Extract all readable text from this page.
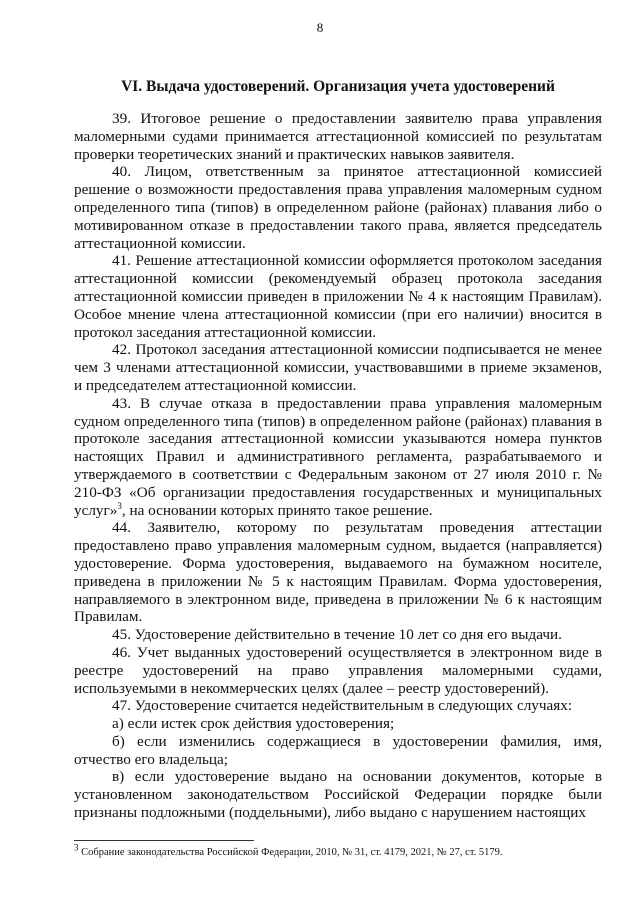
8
VI. Выдача удостоверений. Организация учета удостоверений

39. Итоговое решение о предоставлении заявителю права управления маломерными судами принимается аттестационной комиссией по результатам проверки теоретических знаний и практических навыков заявителя.

40. Лицом, ответственным за принятое аттестационной комиссией решение о возможности предоставления права управления маломерным судном определенного типа (типов) в определенном районе (районах) плавания либо о мотивированном отказе в предоставлении такого права, является председатель аттестационной комиссии.

41. Решение аттестационной комиссии оформляется протоколом заседания аттестационной комиссии (рекомендуемый образец протокола заседания аттестационной комиссии приведен в приложении № 4 к настоящим Правилам). Особое мнение члена аттестационной комиссии (при его наличии) вносится в протокол заседания аттестационной комиссии.

42. Протокол заседания аттестационной комиссии подписывается не менее чем 3 членами аттестационной комиссии, участвовавшими в приеме экзаменов, и председателем аттестационной комиссии.

43. В случае отказа в предоставлении права управления маломерным судном определенного типа (типов) в определенном районе (районах) плавания в протоколе заседания аттестационной комиссии указываются номера пунктов настоящих Правил и административного регламента, разрабатываемого и утверждаемого в соответствии с Федеральным законом от 27 июля 2010 г. № 210-ФЗ «Об организации предоставления государственных и муниципальных услуг»$^3$, на основании которых принято такое решение.

44. Заявителю, которому по результатам проведения аттестации предоставлено право управления маломерным судном, выдается (направляется) удостоверение. Форма удостоверения, выдаваемого на бумажном носителе, приведена в приложении № 5 к настоящим Правилам. Форма удостоверения, направляемого в электронном виде, приведена в приложении № 6 к настоящим Правилам.

45. Удостоверение действительно в течение 10 лет со дня его выдачи.

46. Учет выданных удостоверений осуществляется в электронном виде в реестре удостоверений на право управления маломерными судами, используемыми в некоммерческих целях (далее – реестр удостоверений).

47. Удостоверение считается недействительным в следующих случаях:

а) если истек срок действия удостоверения;

б) если изменились содержащиеся в удостоверении фамилия, имя, отчество его владельца;

в) если удостоверение выдано на основании документов, которые в установленном законодательством Российской Федерации порядке были признаны подложными (поддельными), либо выдано с нарушением настоящих

3 Собрание законодательства Российской Федерации, 2010, № 31, ст. 4179, 2021, № 27, ст. 5179.
